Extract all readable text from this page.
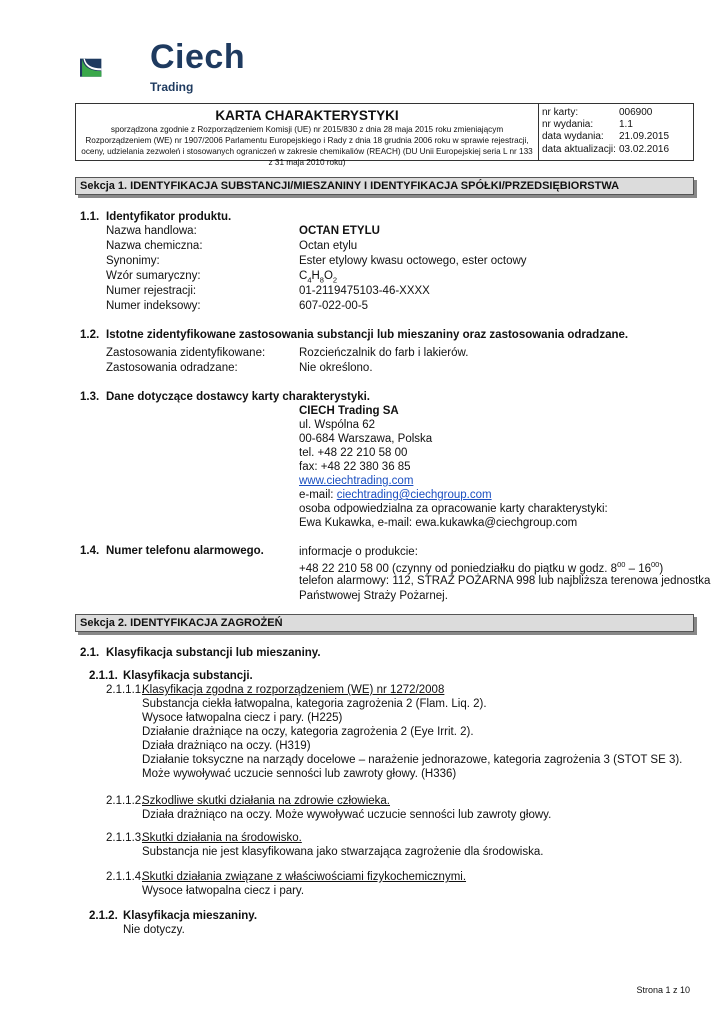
Ciech
Trading
KARTA CHARAKTERYSTYKI
sporządzona zgodnie z Rozporządzeniem Komisji (UE) nr 2015/830 z dnia 28 maja 2015 roku zmieniającym Rozporządzeniem (WE) nr 1907/2006 Parlamentu Europejskiego i Rady z dnia 18 grudnia 2006 roku w sprawie rejestracji, oceny, udzielania zezwoleń i stosowanych ograniczeń w zakresie chemikaliów (REACH) (DU Unii Europejskiej seria L nr 133 z 31 maja 2010 roku)
nr karty:	006900
nr wydania:	1.1
data wydania:	21.09.2015
data aktualizacji: 03.02.2016
Sekcja 1. IDENTYFIKACJA SUBSTANCJI/MIESZANINY I IDENTYFIKACJA SPÓŁKI/PRZEDSIĘBIORSTWA
1.1. Identyfikator produktu.
Nazwa handlowa:	OCTAN ETYLU
Nazwa chemiczna:	Octan etylu
Synonimy:	Ester etylowy kwasu octowego, ester octowy
Wzór sumaryczny:	$C_4H_8O_2$
Numer rejestracji:	01-2119475103-46-XXXX
Numer indeksowy:	607-022-00-5
1.2. Istotne zidentyfikowane zastosowania substancji lub mieszaniny oraz zastosowania odradzane.
Zastosowania zidentyfikowane:	Rozcieńczalnik do farb i lakierów.
Zastosowania odradzane:	Nie określono.
1.3. Dane dotyczące dostawcy karty charakterystyki.
CIECH Trading SA
ul. Wspólna 62
00-684 Warszawa, Polska
tel. +48 22 210 58 00
fax: +48 22 380 36 85
www.ciechtrading.com
e-mail: ciechtrading@ciechgroup.com
osoba odpowiedzialna za opracowanie karty charakterystyki:
Ewa Kukawka, e-mail: ewa.kukawka@ciechgroup.com
1.4. Numer telefonu alarmowego.	informacje o produkcie:
+48 22 210 58 00 (czynny od poniedziałku do piątku w godz. $8^{00} - 16^{00}$)
telefon alarmowy: 112, STRAŻ POŻARNA 998 lub najbliższa terenowa jednostka
Państwowej Straży Pożarnej.
Sekcja 2. IDENTYFIKACJA ZAGROŻEŃ
2.1. Klasyfikacja substancji lub mieszaniny.
2.1.1. Klasyfikacja substancji.
2.1.1.1.
Klasyfikacja zgodna z rozporządzeniem (WE) nr 1272/2008
Substancja ciekła łatwopalna, kategoria zagrożenia 2 (Flam. Liq. 2).
Wysoce łatwopalna ciecz i pary. (H225)
Działanie drażniące na oczy, kategoria zagrożenia 2 (Eye Irrit. 2).
Działa drażniąco na oczy. (H319)
Działanie toksyczne na narządy docelowe – narażenie jednorazowe, kategoria zagrożenia 3 (STOT SE 3).
Może wywoływać uczucie senności lub zawroty głowy. (H336)
2.1.1.2.
Szkodliwe skutki działania na zdrowie człowieka.
Działa drażniąco na oczy. Może wywoływać uczucie senności lub zawroty głowy.
2.1.1.3.
Skutki działania na środowisko.
Substancja nie jest klasyfikowana jako stwarzająca zagrożenie dla środowiska.
2.1.1.4.
Skutki działania związane z właściwościami fizykochemicznymi.
Wysoce łatwopalna ciecz i pary.
2.1.2. Klasyfikacja mieszaniny.
Nie dotyczy.
Strona 1 z 10
